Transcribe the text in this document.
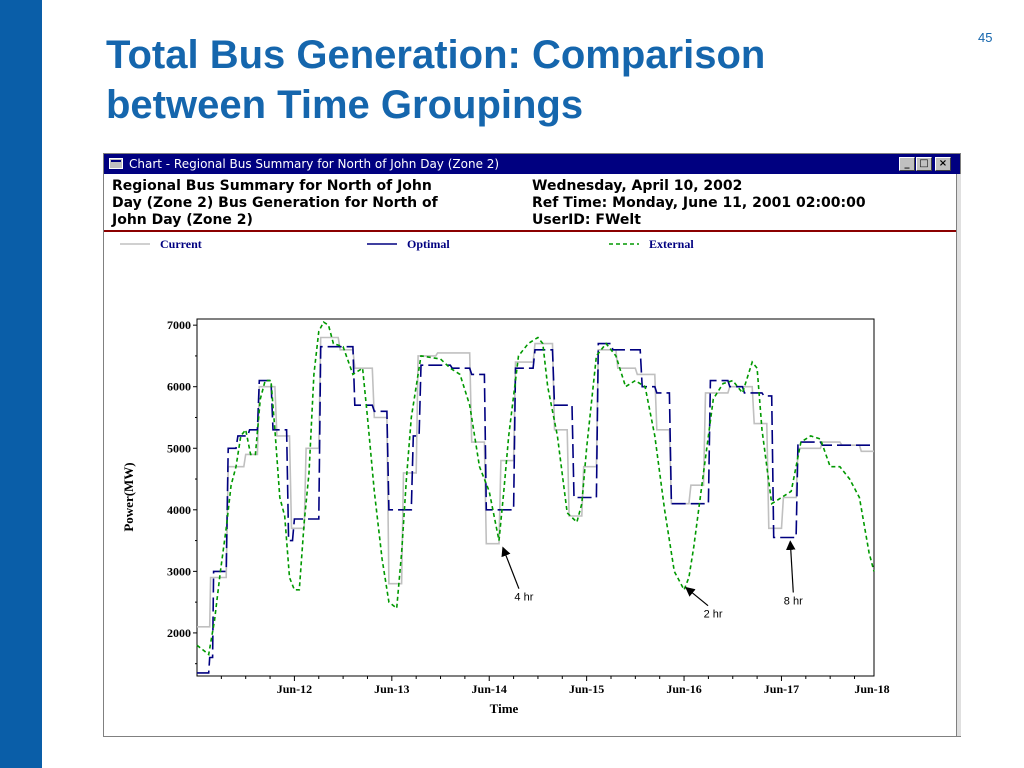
Total Bus Generation: Comparison
between Time Groupings
45
Chart - Regional Bus Summary for North of John Day (Zone 2)	_ □	×
Regional Bus Summary for North of John
Day (Zone 2) Bus Generation for North of
John Day (Zone 2)
Wednesday, April 10, 2002
Ref Time: Monday, June 11, 2001 02:00:00
UserID: FWelt
Current	Optimal	External
2000
3000
4000
5000
6000
7000
Jun-12	Jun-13	Jun-14	Jun-15	Jun-16	Jun-17	Jun-18
4 hr
2 hr
8 hr
Time
Power(MW)
